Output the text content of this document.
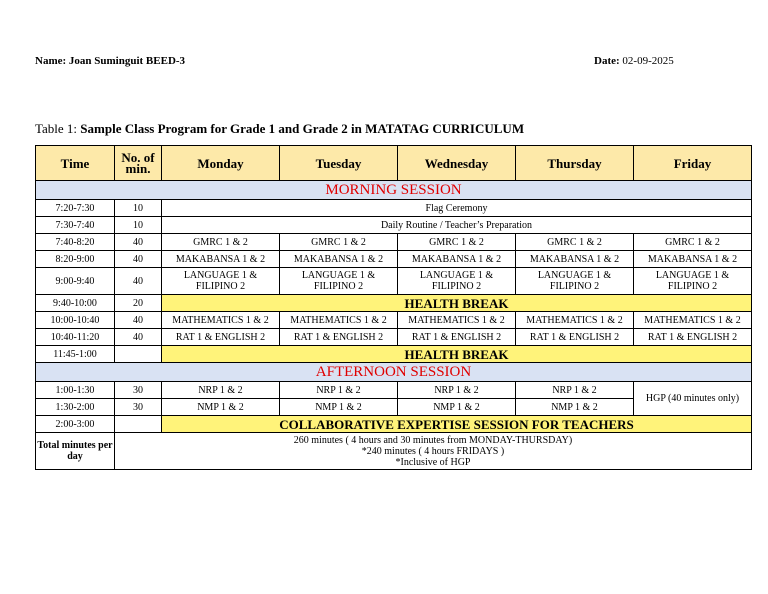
Name: Joan Suminguit BEED-3	Date: 02-09-2025
Table 1: Sample Class Program for Grade 1 and Grade 2 in MATATAG CURRICULUM
Time	No. of min.	Monday	Tuesday	Wednesday	Thursday	Friday
MORNING SESSION						
7:20-7:30	10	Flag Ceremony				
7:30-7:40	10	Daily Routine / Teacher’s Preparation				
7:40-8:20	40	GMRC 1 & 2	GMRC 1 & 2	GMRC 1 & 2	GMRC 1 & 2	GMRC 1 & 2
8:20-9:00	40	MAKABANSA 1 & 2	MAKABANSA 1 & 2	MAKABANSA 1 & 2	MAKABANSA 1 & 2	MAKABANSA 1 & 2
9:00-9:40	40	LANGUAGE 1 & FILIPINO 2	LANGUAGE 1 & FILIPINO 2	LANGUAGE 1 & FILIPINO 2	LANGUAGE 1 & FILIPINO 2	LANGUAGE 1 & FILIPINO 2
9:40-10:00	20	HEALTH BREAK				
10:00-10:40	40	MATHEMATICS 1 & 2	MATHEMATICS 1 & 2	MATHEMATICS 1 & 2	MATHEMATICS 1 & 2	MATHEMATICS 1 & 2
10:40-11:20	40	RAT 1 & ENGLISH 2	RAT 1 & ENGLISH 2	RAT 1 & ENGLISH 2	RAT 1 & ENGLISH 2	RAT 1 & ENGLISH 2
11:45-1:00		HEALTH BREAK				
AFTERNOON SESSION						
1:00-1:30	30	NRP 1 & 2	NRP 1 & 2	NRP 1 & 2	NRP 1 & 2	HGP (40 minutes only)
1:30-2:00	30	NMP 1 & 2	NMP 1 & 2	NMP 1 & 2	NMP 1 & 2	
2:00-3:00		COLLABORATIVE EXPERTISE SESSION FOR TEACHERS				
Total minutes per day	260 minutes ( 4 hours and 30 minutes from MONDAY-THURSDAY)
*240 minutes ( 4 hours FRIDAYS )
*Inclusive of HGP					
